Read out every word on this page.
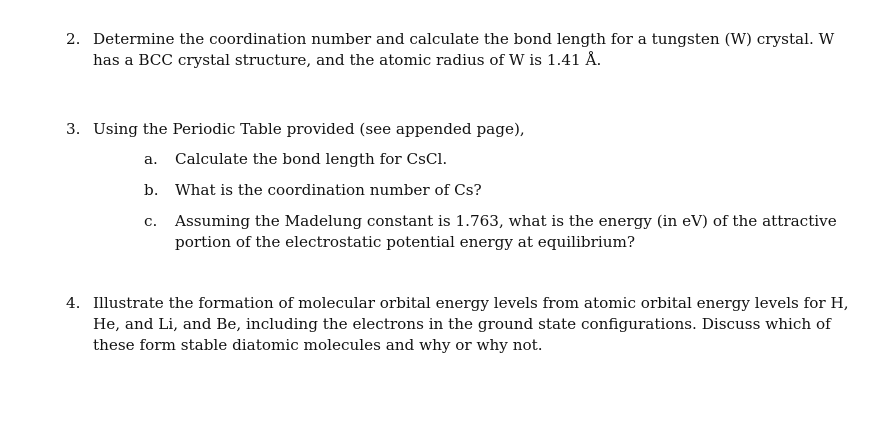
2. Determine the coordination number and calculate the bond length for a tungsten (W) crystal. W has a BCC crystal structure, and the atomic radius of W is 1.41 Å.
3. Using the Periodic Table provided (see appended page),
a.	Calculate the bond length for CsCl.
b.	What is the coordination number of Cs?
c.	Assuming the Madelung constant is 1.763, what is the energy (in eV) of the attractive portion of the electrostatic potential energy at equilibrium?
4. Illustrate the formation of molecular orbital energy levels from atomic orbital energy levels for H, He, and Li, and Be, including the electrons in the ground state configurations. Discuss which of these form stable diatomic molecules and why or why not.
